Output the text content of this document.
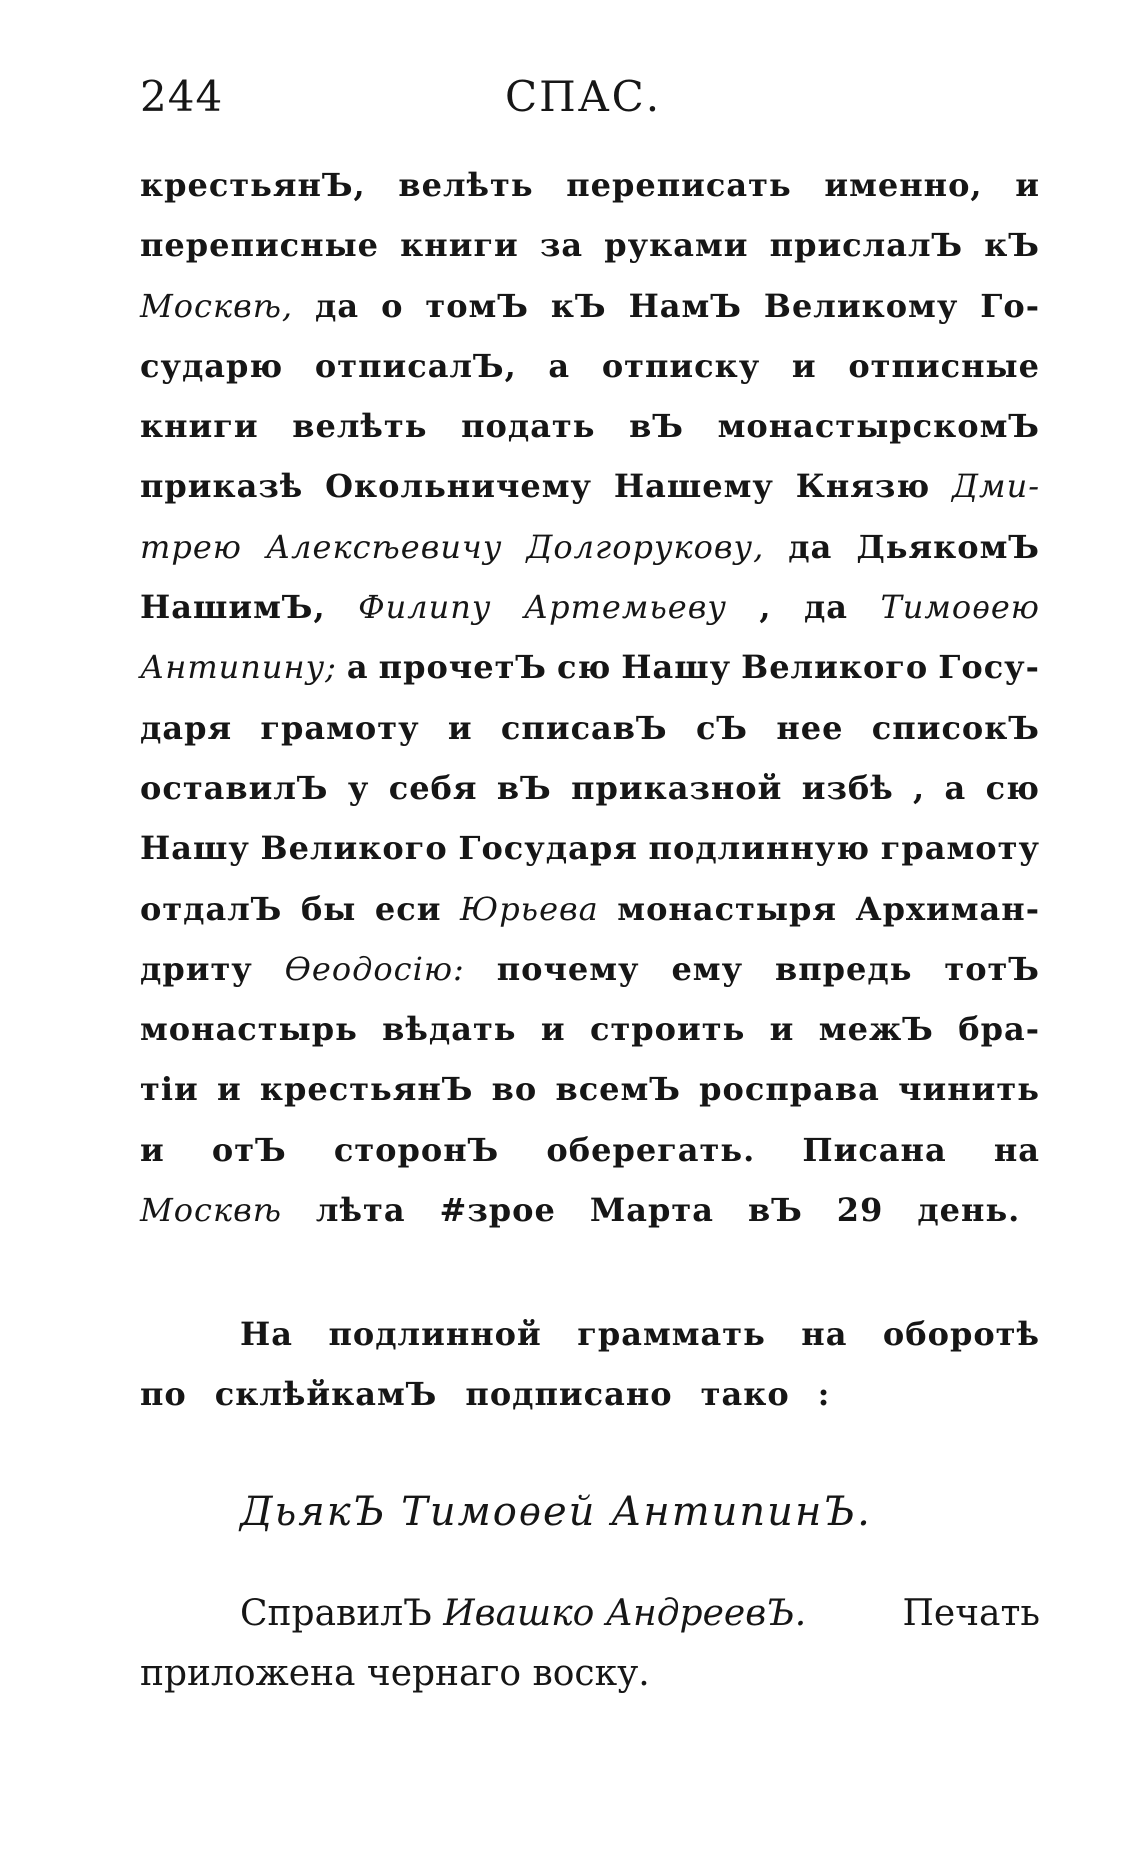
244	СПАС.
крестьянЪ, велѣть переписать именно, и
переписные книги за руками прислалЪ кЪ
Москвѣ, да о томЪ кЪ НамЪ Великому Го-
сударю отписалЪ, а отписку и отписные
книги велѣть подать вЪ монастырскомЪ
приказѣ Окольничему Нашему Князю Дми-
трею Алексѣевичу Долгорукову, да ДьякомЪ
НашимЪ, Филипу Артемьеву , да Тимоѳею
Антипину; а прочетЪ сю Нашу Великого Госу-
даря грамоту и списавЪ сЪ нее списокЪ
оставилЪ у себя вЪ приказной избѣ , а сю
Нашу Великого Государя подлинную грамоту
отдалЪ бы еси Юрьева монастыря Архиман-
дриту Ѳеодосію: почему ему впредь тотЪ
монастырь вѣдать и строить и межЪ бра-
тіи и крестьянЪ во всемЪ росправа чинить
и отЪ сторонЪ оберегать. Писана на
Москвѣ лѣта #зрое Марта вЪ 29 день.
На подлинной граммать на оборотѣ
по склѣйкамЪ подписано тако :
ДьякЪ Тимоѳей АнтипинЪ.
СправилЪ Ивашко АндреевЪ.	Печать
приложена чернаго воску.
